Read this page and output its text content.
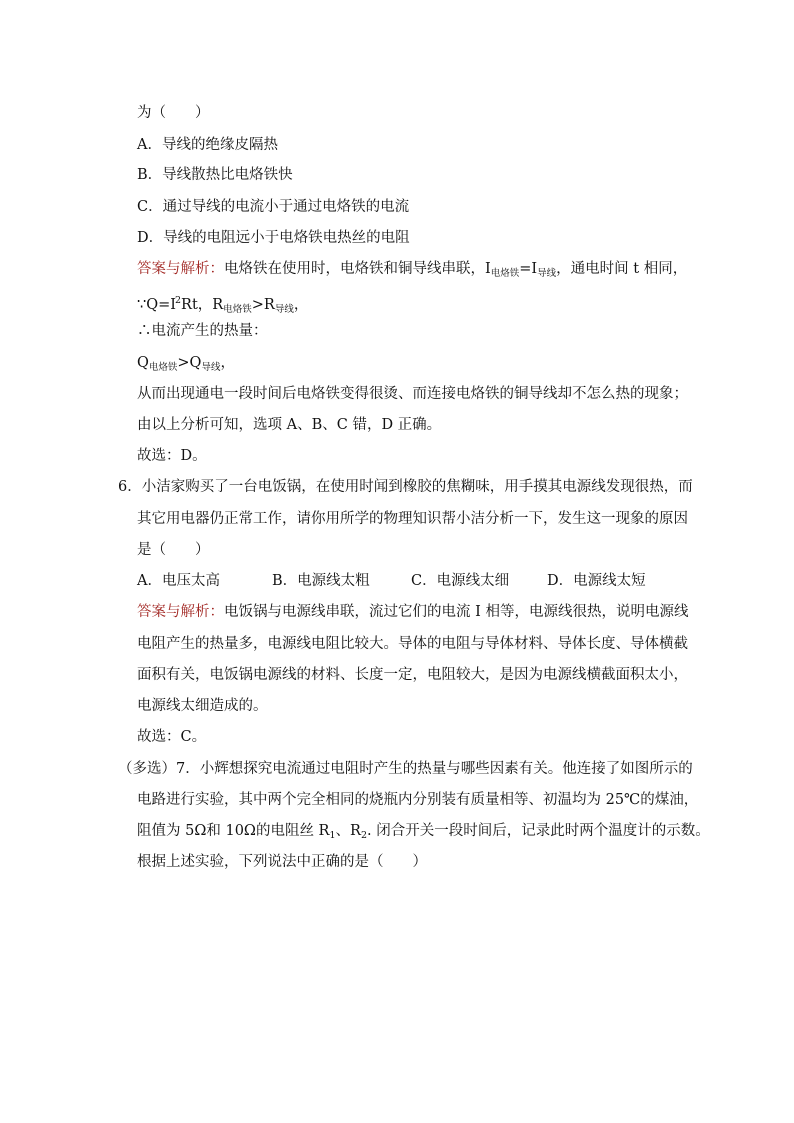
为（　　）
A．导线的绝缘皮隔热
B．导线散热比电烙铁快
C．通过导线的电流小于通过电烙铁的电流
D．导线的电阻远小于电烙铁电热丝的电阻
答案与解析：电烙铁在使用时，电烙铁和铜导线串联，$I_{电烙铁}=I_{导线}$，通电时间 t 相同，
$\because Q=I^2Rt$，$R_{电烙铁}>R_{导线}$，
∴电流产生的热量：
$Q_{电烙铁}>Q_{导线}$，
从而出现通电一段时间后电烙铁变得很烫、而连接电烙铁的铜导线却不怎么热的现象；
由以上分析可知，选项 A、B、C 错，D 正确。
故选：D。
6．小洁家购买了一台电饭锅，在使用时闻到橡胶的焦糊味，用手摸其电源线发现很热，而
其它用电器仍正常工作，请你用所学的物理知识帮小洁分析一下，发生这一现象的原因
是（　　）
A．电压太高	B．电源线太粗	C．电源线太细	D．电源线太短
答案与解析：电饭锅与电源线串联，流过它们的电流 I 相等，电源线很热，说明电源线
电阻产生的热量多，电源线电阻比较大。导体的电阻与导体材料、导体长度、导体横截
面积有关，电饭锅电源线的材料、长度一定，电阻较大，是因为电源线横截面积太小，
电源线太细造成的。
故选：C。
（多选）7．小辉想探究电流通过电阻时产生的热量与哪些因素有关。他连接了如图所示的
电路进行实验，其中两个完全相同的烧瓶内分别装有质量相等、初温均为 25℃的煤油，
阻值为 5Ω和 10Ω的电阻丝 $R_1$、$R_2$. 闭合开关一段时间后，记录此时两个温度计的示数。
根据上述实验，下列说法中正确的是（　　）
